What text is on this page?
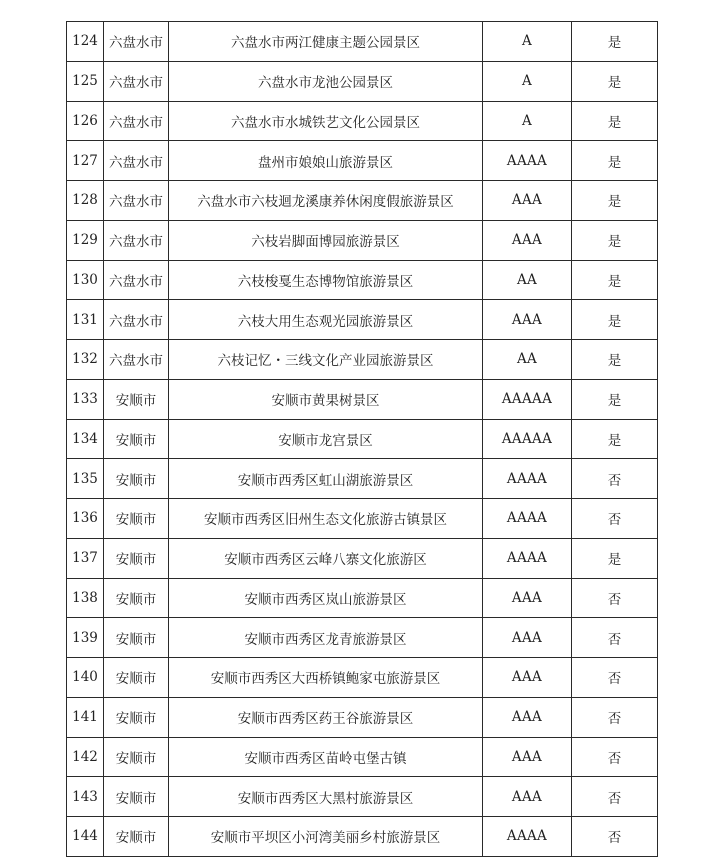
124	六盘水市	六盘水市两江健康主题公园景区	A	是
125	六盘水市	六盘水市龙池公园景区	A	是
126	六盘水市	六盘水市水城铁艺文化公园景区	A	是
127	六盘水市	盘州市娘娘山旅游景区	AAAA	是
128	六盘水市	六盘水市六枝迴龙溪康养休闲度假旅游景区	AAA	是
129	六盘水市	六枝岩脚面博园旅游景区	AAA	是
130	六盘水市	六枝梭戛生态博物馆旅游景区	AA	是
131	六盘水市	六枝大用生态观光园旅游景区	AAA	是
132	六盘水市	六枝记忆・三线文化产业园旅游景区	AA	是
133	安顺市	安顺市黄果树景区	AAAAA	是
134	安顺市	安顺市龙宫景区	AAAAA	是
135	安顺市	安顺市西秀区虹山湖旅游景区	AAAA	否
136	安顺市	安顺市西秀区旧州生态文化旅游古镇景区	AAAA	否
137	安顺市	安顺市西秀区云峰八寨文化旅游区	AAAA	是
138	安顺市	安顺市西秀区岚山旅游景区	AAA	否
139	安顺市	安顺市西秀区龙青旅游景区	AAA	否
140	安顺市	安顺市西秀区大西桥镇鲍家屯旅游景区	AAA	否
141	安顺市	安顺市西秀区药王谷旅游景区	AAA	否
142	安顺市	安顺市西秀区苗岭屯堡古镇	AAA	否
143	安顺市	安顺市西秀区大黑村旅游景区	AAA	否
144	安顺市	安顺市平坝区小河湾美丽乡村旅游景区	AAAA	否
